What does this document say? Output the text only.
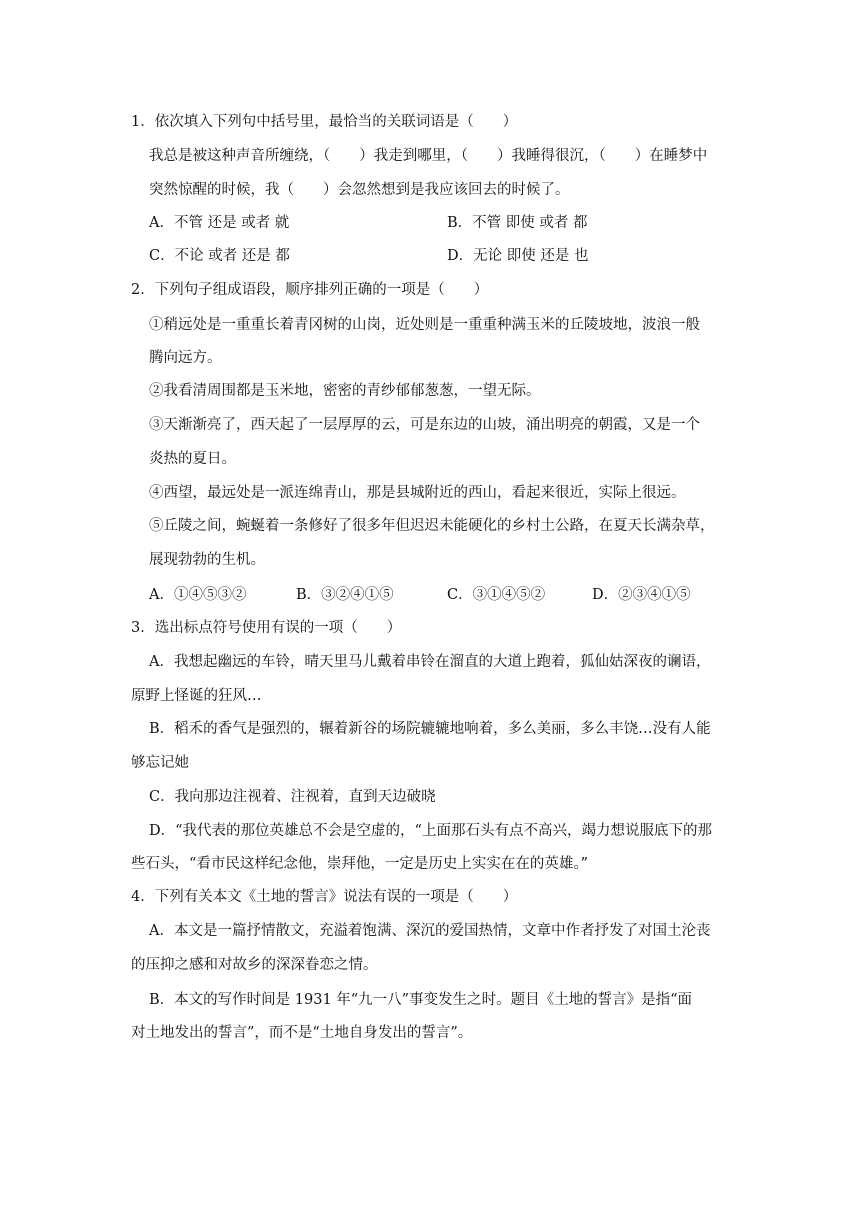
1．依次填入下列句中括号里，最恰当的关联词语是（　　）
我总是被这种声音所缠绕，（　　）我走到哪里，（　　）我睡得很沉，（　　）在睡梦中
突然惊醒的时候，我（　　）会忽然想到是我应该回去的时候了。
A．不管 还是 或者 就	B．不管 即使 或者 都
C．不论 或者 还是 都	D．无论 即使 还是 也
2．下列句子组成语段，顺序排列正确的一项是（　　）
①稍远处是一重重长着青冈树的山岗，近处则是一重重种满玉米的丘陵坡地，波浪一般
腾向远方。
②我看清周围都是玉米地，密密的青纱郁郁葱葱，一望无际。
③天渐渐亮了，西天起了一层厚厚的云，可是东边的山坡，涌出明亮的朝霞，又是一个
炎热的夏日。
④西望，最远处是一派连绵青山，那是县城附近的西山，看起来很近，实际上很远。
⑤丘陵之间，蜿蜒着一条修好了很多年但迟迟未能硬化的乡村土公路，在夏天长满杂草，
展现勃勃的生机。
A．①④⑤③②	B．③②④①⑤	C．③①④⑤②	D．②③④①⑤
3．选出标点符号使用有误的一项（　　）
A．我想起幽远的车铃，晴天里马儿戴着串铃在溜直的大道上跑着，狐仙姑深夜的谰语，
原野上怪诞的狂风…
B．稻禾的香气是强烈的，辗着新谷的场院辘辘地响着，多么美丽，多么丰饶…没有人能
够忘记她
C．我向那边注视着、注视着，直到天边破晓
D．“我代表的那位英雄总不会是空虚的，“上面那石头有点不高兴，竭力想说服底下的那
些石头，“看市民这样纪念他，崇拜他，一定是历史上实实在在的英雄。”
4．下列有关本文《土地的誓言》说法有误的一项是（　　）
A．本文是一篇抒情散文，充溢着饱满、深沉的爱国热情，文章中作者抒发了对国土沦丧
的压抑之感和对故乡的深深眷恋之情。
B．本文的写作时间是 1931 年“九一八”事变发生之时。题目《土地的誓言》是指“面
对土地发出的誓言”，而不是“土地自身发出的誓言”。
